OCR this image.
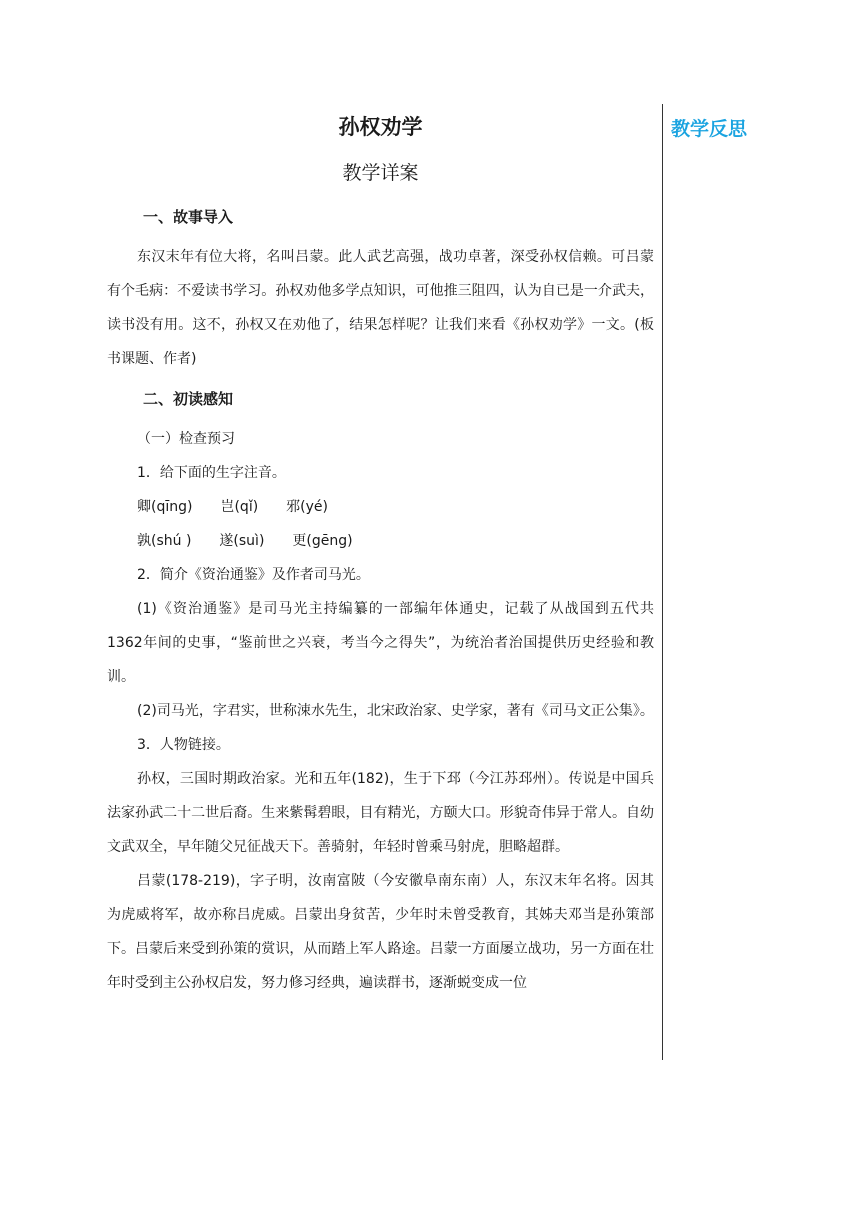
教学反思
孙权劝学
教学详案
一、故事导入

东汉末年有位大将，名叫吕蒙。此人武艺高强，战功卓著，深受孙权信赖。可吕蒙有个毛病：不爱读书学习。孙权劝他多学点知识，可他推三阻四，认为自已是一介武夫，读书没有用。这不，孙权又在劝他了，结果怎样呢？让我们来看《孙权劝学》一文。(板书课题、作者)

二、初读感知

（一）检查预习

1．给下面的生字注音。

卿(qīng) 岂(qǐ) 邪(yé)
孰(shú ) 遂(suì) 更(gēng)

2．简介《资治通鉴》及作者司马光。

(1)《资治通鉴》是司马光主持编纂的一部编年体通史，记载了从战国到五代共1362年间的史事，“鉴前世之兴衰，考当今之得失”，为统治者治国提供历史经验和教训。

(2)司马光，字君实，世称涑水先生，北宋政治家、史学家，著有《司马文正公集》。

3．人物链接。

孙权，三国时期政治家。光和五年(182)，生于下邳（今江苏邳州）。传说是中国兵法家孙武二十二世后裔。生来紫髯碧眼，目有精光，方颐大口。形貌奇伟异于常人。自幼文武双全，早年随父兄征战天下。善骑射，年轻时曾乘马射虎，胆略超群。

吕蒙(178-219)，字子明，汝南富陂（今安徽阜南东南）人，东汉末年名将。因其为虎威将军，故亦称吕虎威。吕蒙出身贫苦，少年时未曾受教育，其姊夫邓当是孙策部下。吕蒙后来受到孙策的赏识，从而踏上军人路途。吕蒙一方面屡立战功，另一方面在壮年时受到主公孙权启发，努力修习经典，遍读群书，逐渐蜕变成一位
